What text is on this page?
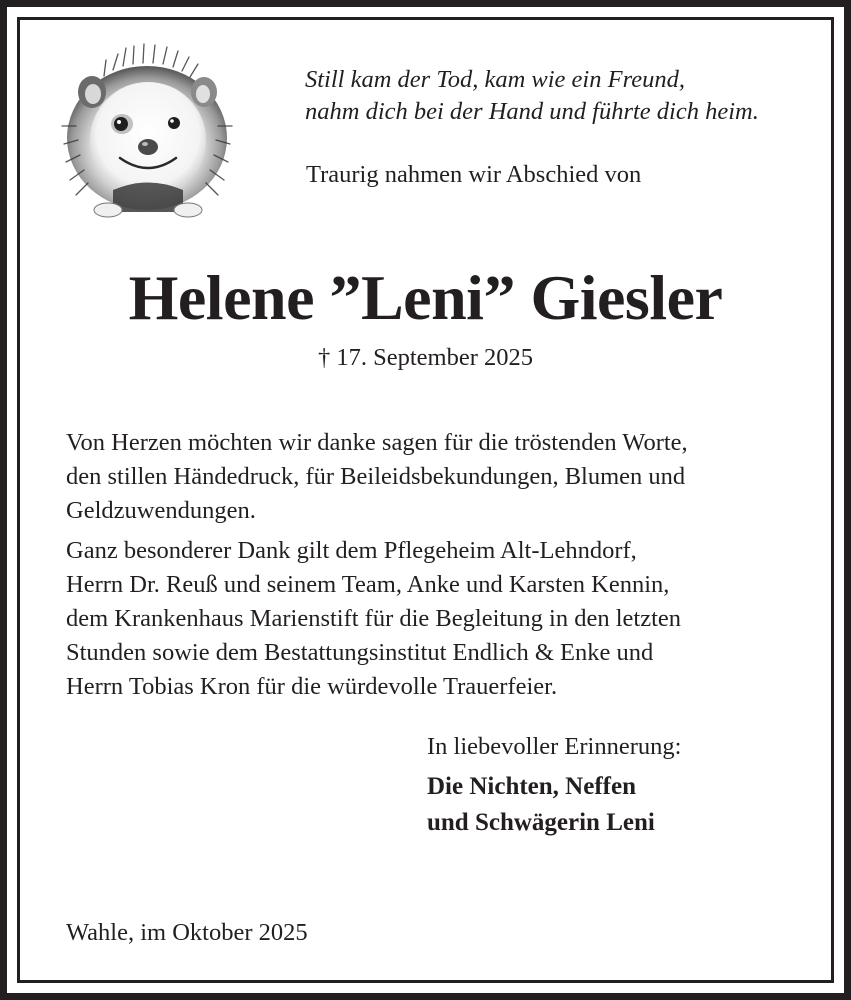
Still kam der Tod, kam wie ein Freund,
nahm dich bei der Hand und führte dich heim.
Traurig nahmen wir Abschied von
Helene ”Leni” Giesler
† 17. September 2025
Von Herzen möchten wir danke sagen für die tröstenden Worte,
den stillen Händedruck, für Beileidsbekundungen, Blumen und
Geldzuwendungen.
Ganz besonderer Dank gilt dem Pflegeheim Alt-Lehndorf,
Herrn Dr. Reuß und seinem Team, Anke und Karsten Kennin,
dem Krankenhaus Marienstift für die Begleitung in den letzten
Stunden sowie dem Bestattungsinstitut Endlich & Enke und
Herrn Tobias Kron für die würdevolle Trauerfeier.
In liebevoller Erinnerung:
Die Nichten, Neffen
und Schwägerin Leni
Wahle, im Oktober 2025
